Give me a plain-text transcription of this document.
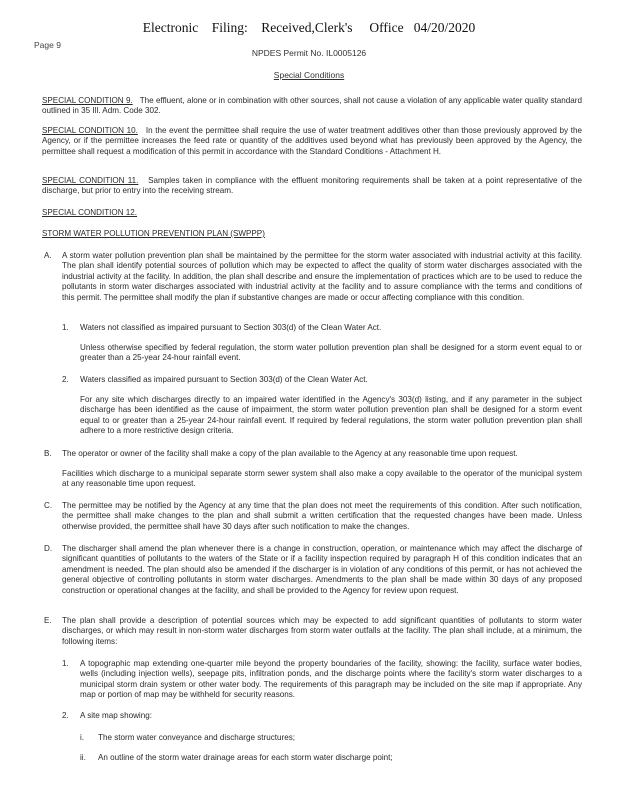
Electronic    Filing:    Received,Clerk's     Office   04/20/2020
Page 9
NPDES Permit No. IL0005126
Special Conditions
SPECIAL CONDITION 9. The effluent, alone or in combination with other sources, shall not cause a violation of any applicable water quality standard outlined in 35 Ill. Adm. Code 302.
SPECIAL CONDITION 10. In the event the permittee shall require the use of water treatment additives other than those previously approved by the Agency, or if the permittee increases the feed rate or quantity of the additives used beyond what has previously been approved by the Agency, the permittee shall request a modification of this permit in accordance with the Standard Conditions - Attachment H.
SPECIAL CONDITION 11. Samples taken in compliance with the effluent monitoring requirements shall be taken at a point representative of the discharge, but prior to entry into the receiving stream.
SPECIAL CONDITION 12.
STORM WATER POLLUTION PREVENTION PLAN (SWPPP)
A. A storm water pollution prevention plan shall be maintained by the permittee for the storm water associated with industrial activity at this facility. The plan shall identify potential sources of pollution which may be expected to affect the quality of storm water discharges associated with the industrial activity at the facility. In addition, the plan shall describe and ensure the implementation of practices which are to be used to reduce the pollutants in storm water discharges associated with industrial activity at the facility and to assure compliance with the terms and conditions of this permit. The permittee shall modify the plan if substantive changes are made or occur affecting compliance with this condition.
1. Waters not classified as impaired pursuant to Section 303(d) of the Clean Water Act.
Unless otherwise specified by federal regulation, the storm water pollution prevention plan shall be designed for a storm event equal to or greater than a 25-year 24-hour rainfall event.
2. Waters classified as impaired pursuant to Section 303(d) of the Clean Water Act.
For any site which discharges directly to an impaired water identified in the Agency's 303(d) listing, and if any parameter in the subject discharge has been identified as the cause of impairment, the storm water pollution prevention plan shall be designed for a storm event equal to or greater than a 25-year 24-hour rainfall event. If required by federal regulations, the storm water pollution prevention plan shall adhere to a more restrictive design criteria.
B. The operator or owner of the facility shall make a copy of the plan available to the Agency at any reasonable time upon request.
Facilities which discharge to a municipal separate storm sewer system shall also make a copy available to the operator of the municipal system at any reasonable time upon request.
C. The permittee may be notified by the Agency at any time that the plan does not meet the requirements of this condition. After such notification, the permittee shall make changes to the plan and shall submit a written certification that the requested changes have been made. Unless otherwise provided, the permittee shall have 30 days after such notification to make the changes.
D. The discharger shall amend the plan whenever there is a change in construction, operation, or maintenance which may affect the discharge of significant quantities of pollutants to the waters of the State or if a facility inspection required by paragraph H of this condition indicates that an amendment is needed. The plan should also be amended if the discharger is in violation of any conditions of this permit, or has not achieved the general objective of controlling pollutants in storm water discharges. Amendments to the plan shall be made within 30 days of any proposed construction or operational changes at the facility, and shall be provided to the Agency for review upon request.
E. The plan shall provide a description of potential sources which may be expected to add significant quantities of pollutants to storm water discharges, or which may result in non-storm water discharges from storm water outfalls at the facility. The plan shall include, at a minimum, the following items:
1. A topographic map extending one-quarter mile beyond the property boundaries of the facility, showing: the facility, surface water bodies, wells (including injection wells), seepage pits, infiltration ponds, and the discharge points where the facility's storm water discharges to a municipal storm drain system or other water body. The requirements of this paragraph may be included on the site map if appropriate. Any map or portion of map may be withheld for security reasons.
2. A site map showing:
i. The storm water conveyance and discharge structures;
ii. An outline of the storm water drainage areas for each storm water discharge point;
